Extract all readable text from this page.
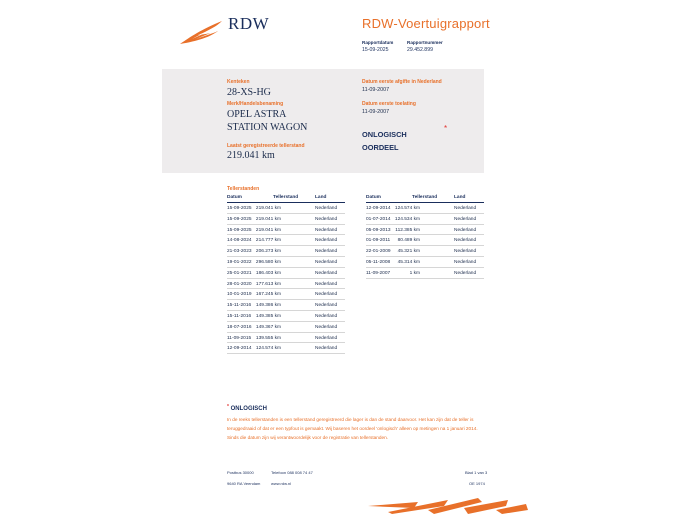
RDW	RDW-Voertuigrapport
Rapportdatum
15-09-2025
Rapportnummer
29.452.899
Kenteken
28-XS-HG
Merk/Handelsbenaming
OPEL ASTRA
STATION WAGON
Laatst geregistreerde tellerstand
219.041 km
Datum eerste afgifte in Nederland
11-09-2007
Datum eerste toelating
11-09-2007
ONLOGISCH
OORDEEL
*
Tellerstanden
Datum	Tellerstand	Land
15-09-2025 219.041 km	Nederland
15-09-2025 219.041 km	Nederland
15-09-2025 219.041 km	Nederland
14-08-2024 214.777 km	Nederland
21-03-2023 206.273 km	Nederland
19-01-2022 296.580 km	Nederland
25-01-2021 186.403 km	Nederland
28-01-2020 177.613 km	Nederland
10-01-2019 167.245 km	Nederland
15-11-2016 149.386 km	Nederland
15-11-2016 149.385 km	Nederland
18-07-2016 149.367 km	Nederland
11-09-2015 139.555 km	Nederland
12-09-2014 124.574 km	Nederland
Datum	Tellerstand	Land
12-09-2014 124.574 km	Nederland
01-07-2014 124.534 km	Nederland
05-09-2013 112.385 km	Nederland
01-09-2011 80.489 km	Nederland
22-01-2009 45.321 km	Nederland
05-11-2008 45.314 km	Nederland
11-09-2007	1 km	Nederland
* ONLOGISCH
In de reeks tellerstanden is een tellerstand geregistreerd die lager is dan de stand daarvoor. Het kan zijn dat de teller is teruggedraaid of dat er een typfout is gemaakt. Wij baseren het oordeel 'onlogisch' alleen op metingen na 1 januari 2014. Sinds die datum zijn wij verantwoordelijk voor de registratie van tellerstanden.
Postbus 30000
9640 RA Veendam
Telefoon 088 008 74 47
www.rdw.nl
Blad 1 van 3
OE 1974
